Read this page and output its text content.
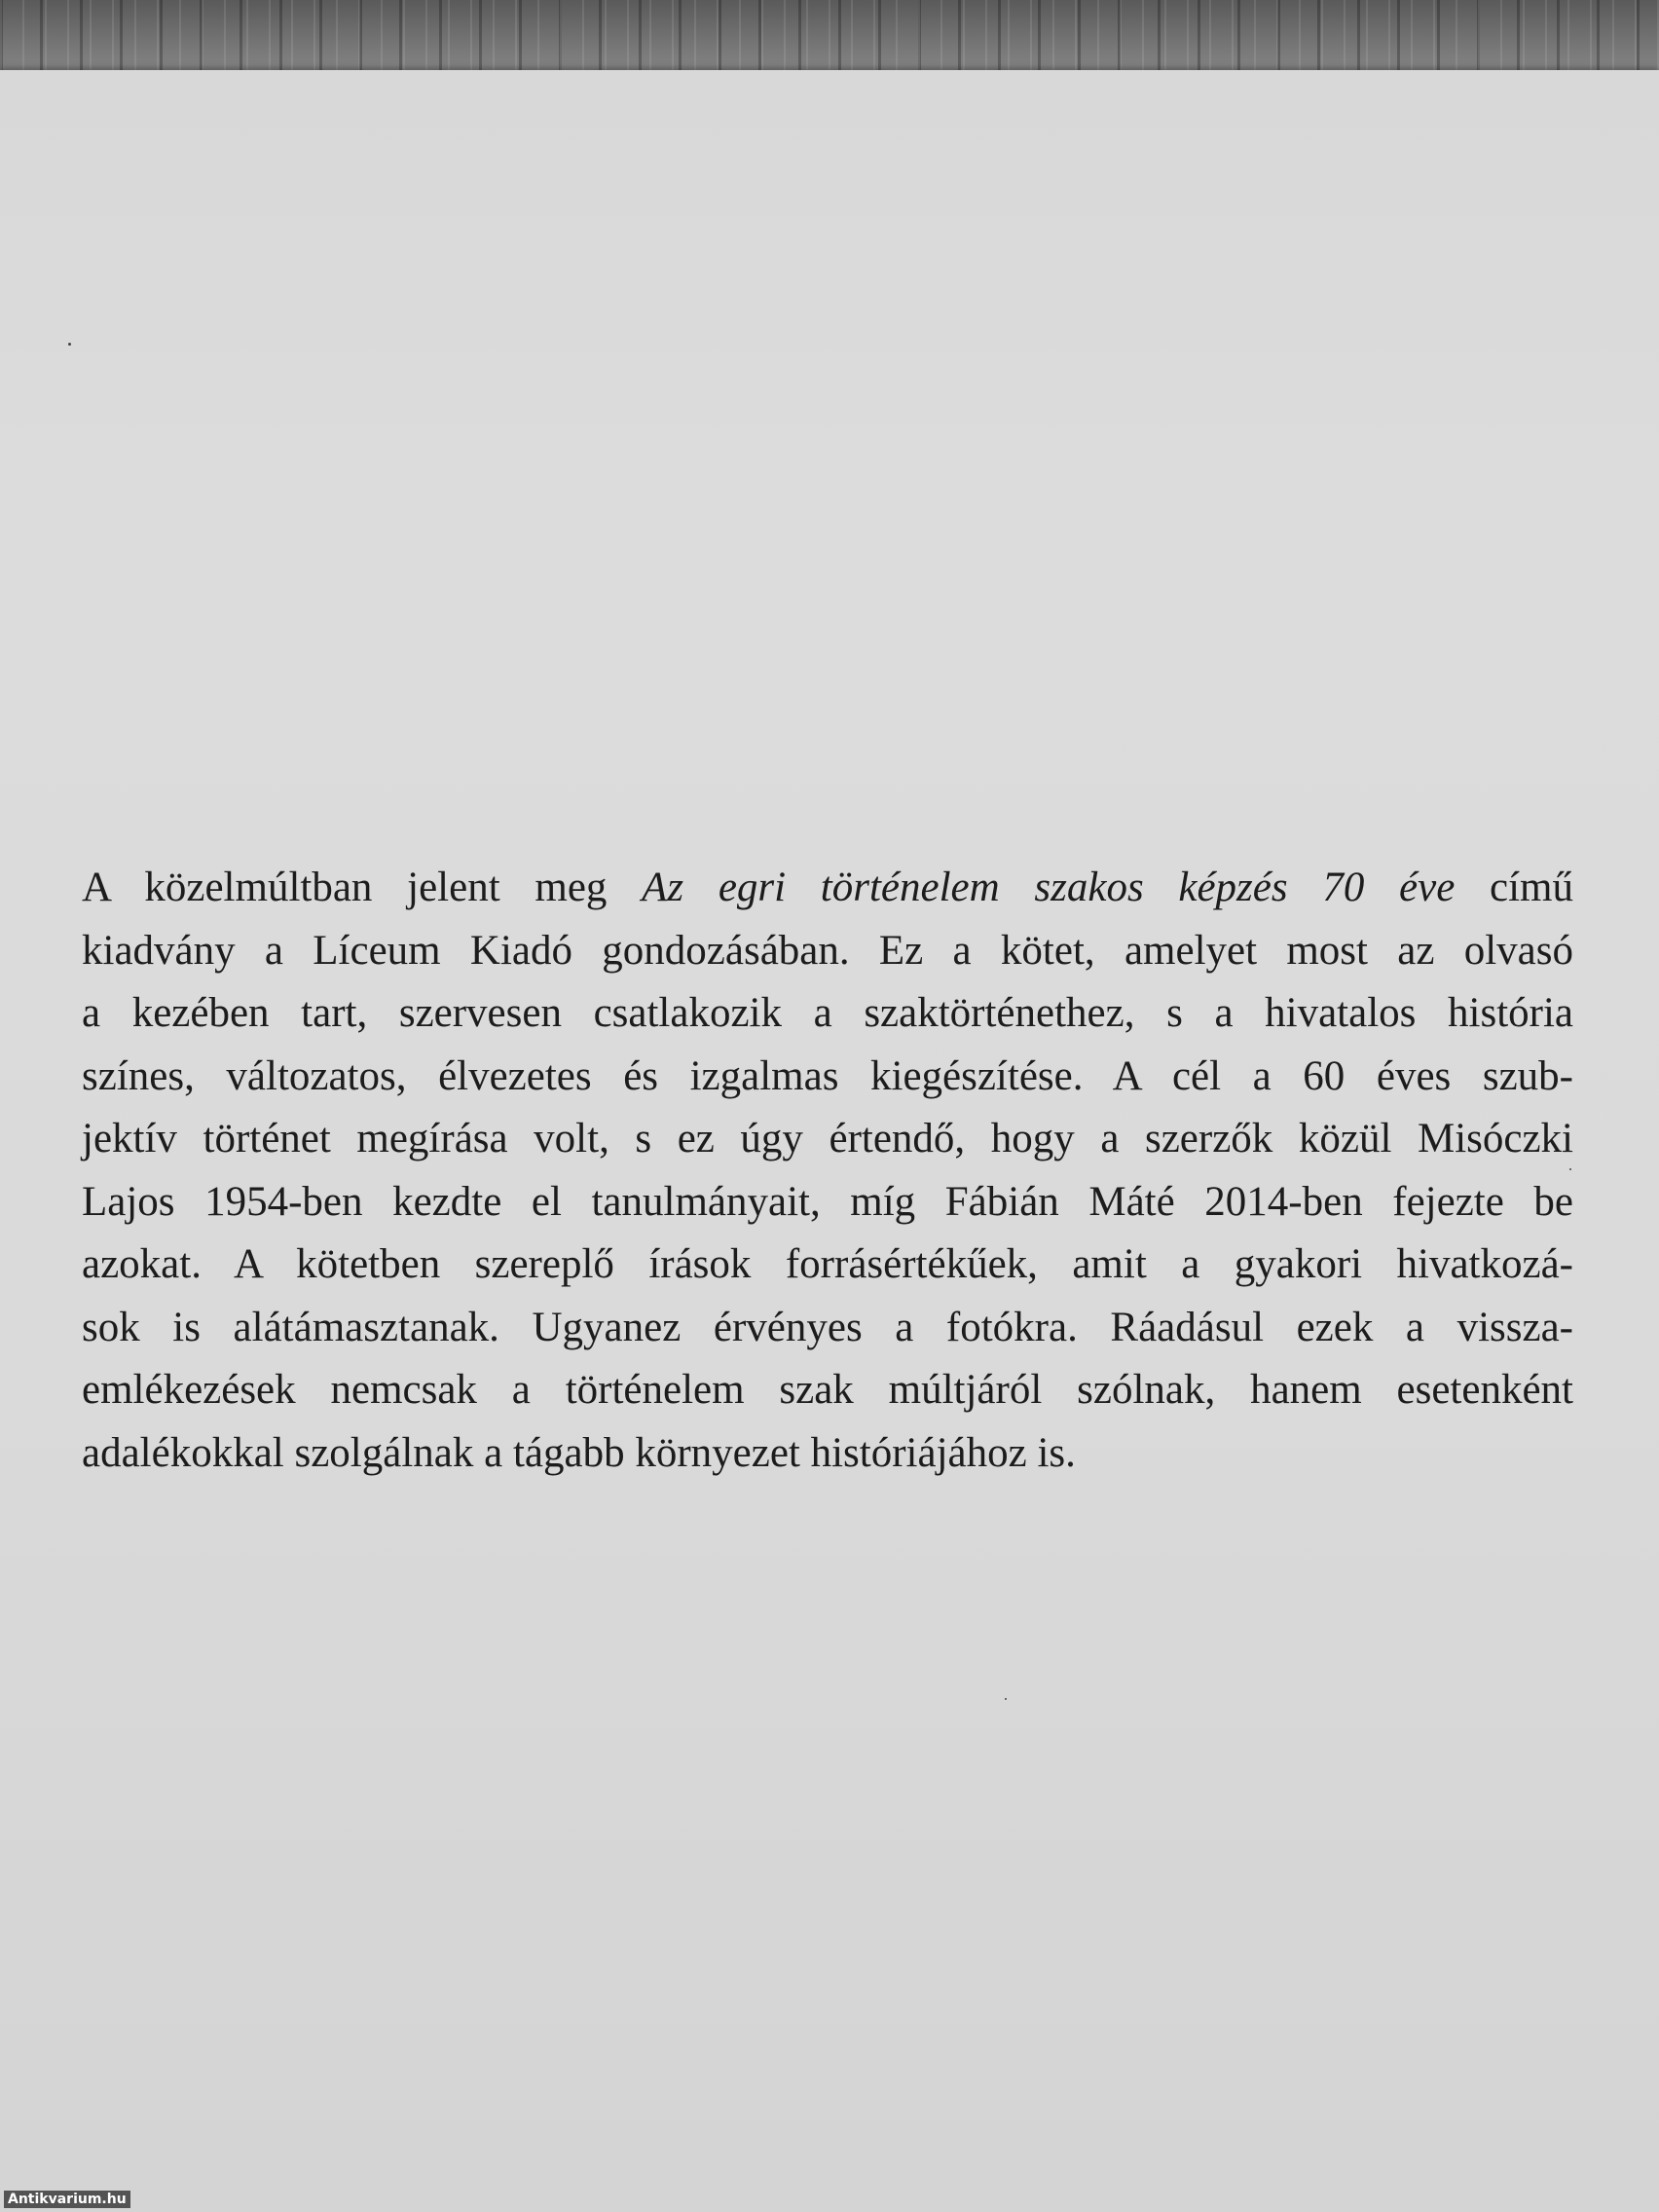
A közelmúltban jelent meg Az egri történelem szakos képzés 70 éve című
kiadvány a Líceum Kiadó gondozásában. Ez a kötet, amelyet most az olvasó
a kezében tart, szervesen csatlakozik a szaktörténethez, s a hivatalos história
színes, változatos, élvezetes és izgalmas kiegészítése. A cél a 60 éves szub-
jektív történet megírása volt, s ez úgy értendő, hogy a szerzők közül Misóczki
Lajos 1954-ben kezdte el tanulmányait, míg Fábián Máté 2014-ben fejezte be
azokat. A kötetben szereplő írások forrásértékűek, amit a gyakori hivatkozá-
sok is alátámasztanak. Ugyanez érvényes a fotókra. Ráadásul ezek a vissza-
emlékezések nemcsak a történelem szak múltjáról szólnak, hanem esetenként
adalékokkal szolgálnak a tágabb környezet históriájához is.
Antikvarium.hu
